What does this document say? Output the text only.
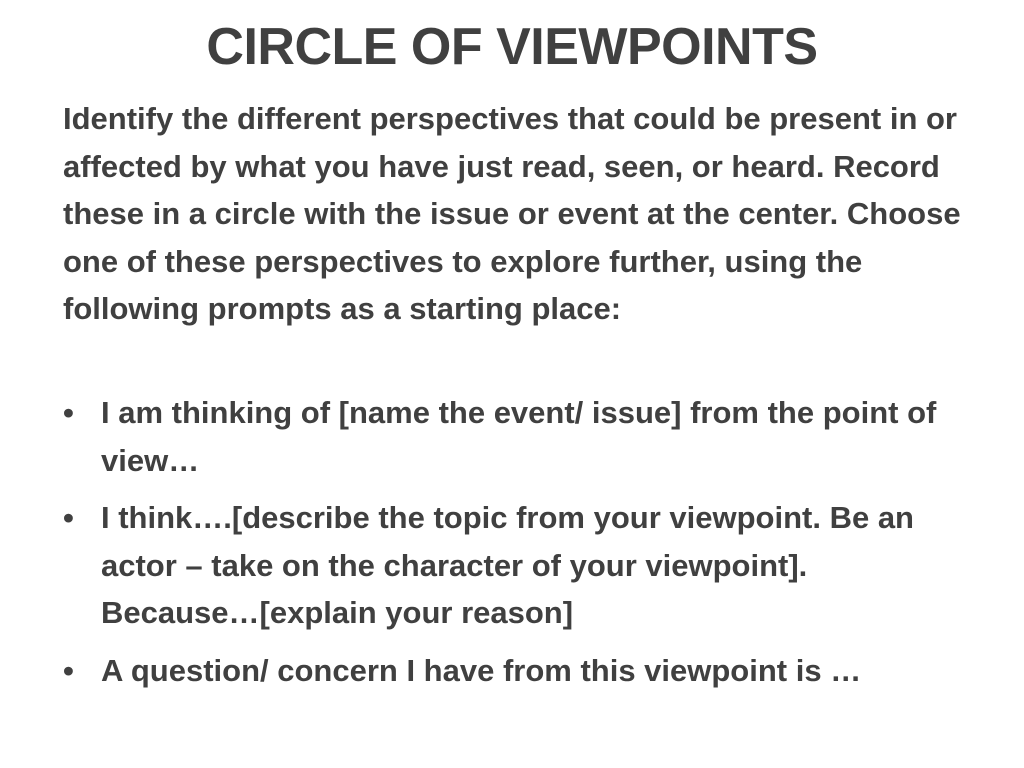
CIRCLE OF VIEWPOINTS

Identify the different perspectives that could be present in or affected by what you have just read, seen, or heard. Record these in a circle with the issue or event at the center. Choose one of these perspectives to explore further, using the following prompts as a starting place:

• I am thinking of [name the event/ issue] from the point of view…
• I think….[describe the topic from your viewpoint. Be an actor – take on the character of your viewpoint]. Because…[explain your reason]
• A question/ concern I have from this viewpoint is …
